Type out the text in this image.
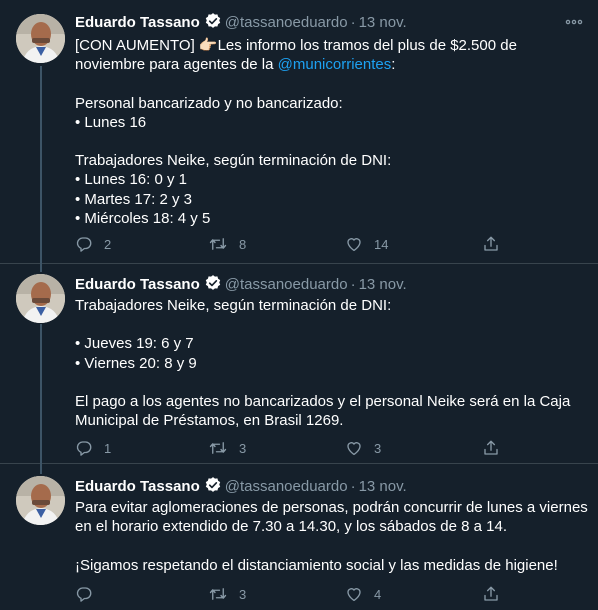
Eduardo Tassano @tassanoeduardo · 13 nov.

[CON AUMENTO] 👉🏻Les informo los tramos del plus de $2.500 de

noviembre para agentes de la @municorrientes:

Personal bancarizado y no bancarizado:

• Lunes 16

Trabajadores Neike, según terminación de DNI:

• Lunes 16: 0 y 1

• Martes 17: 2 y 3

• Miércoles 18: 4 y 5

2	8	14
Eduardo Tassano @tassanoeduardo · 13 nov.

Trabajadores Neike, según terminación de DNI:

• Jueves 19: 6 y 7

• Viernes 20: 8 y 9

El pago a los agentes no bancarizados y el personal Neike será en la Caja

Municipal de Préstamos, en Brasil 1269.

1	3	3
Eduardo Tassano @tassanoeduardo · 13 nov.

Para evitar aglomeraciones de personas, podrán concurrir de lunes a viernes

en el horario extendido de 7.30 a 14.30, y los sábados de 8 a 14.

¡Sigamos respetando el distanciamiento social y las medidas de higiene!

3	4
